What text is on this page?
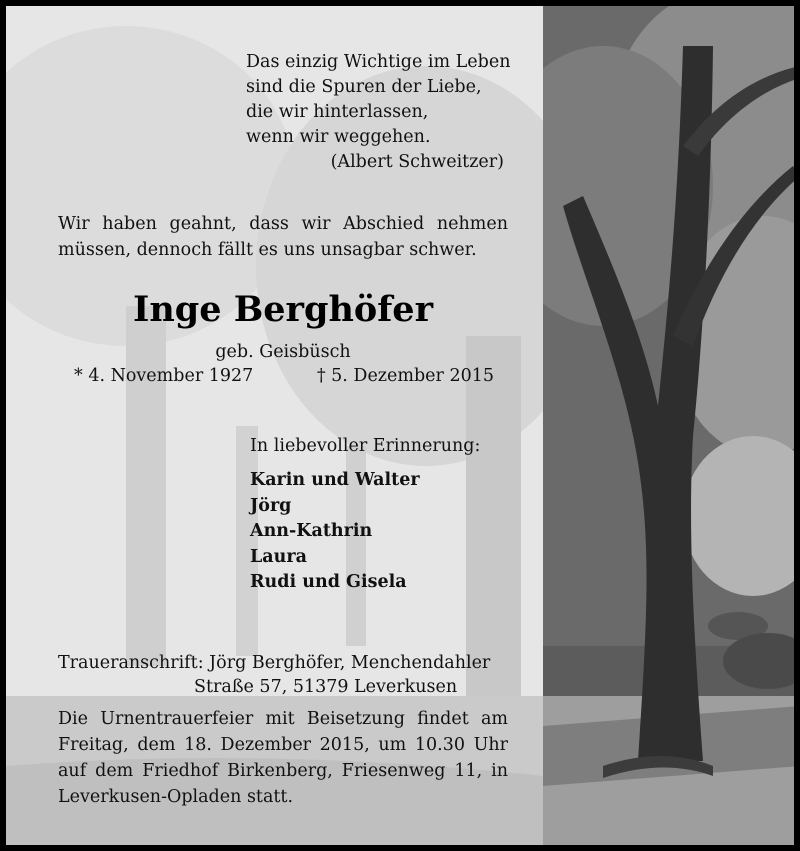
Das einzig Wichtige im Leben
sind die Spuren der Liebe,
die wir hinterlassen,
wenn wir weggehen.
(Albert Schweitzer)
Wir haben geahnt, dass wir Abschied nehmen müssen, dennoch fällt es uns unsagbar schwer.
Inge Berghöfer
geb. Geisbüsch
* 4. November 1927	† 5. Dezember 2015
In liebevoller Erinnerung:
Karin und Walter
Jörg
Ann-Kathrin
Laura
Rudi und Gisela
Traueranschrift: Jörg Berghöfer, Menchendahler
Straße 57, 51379 Leverkusen
Die Urnentrauerfeier mit Beisetzung findet am Freitag, dem 18. Dezember 2015, um 10.30 Uhr auf dem Friedhof Birkenberg, Friesenweg 11, in Leverkusen-Opladen statt.
